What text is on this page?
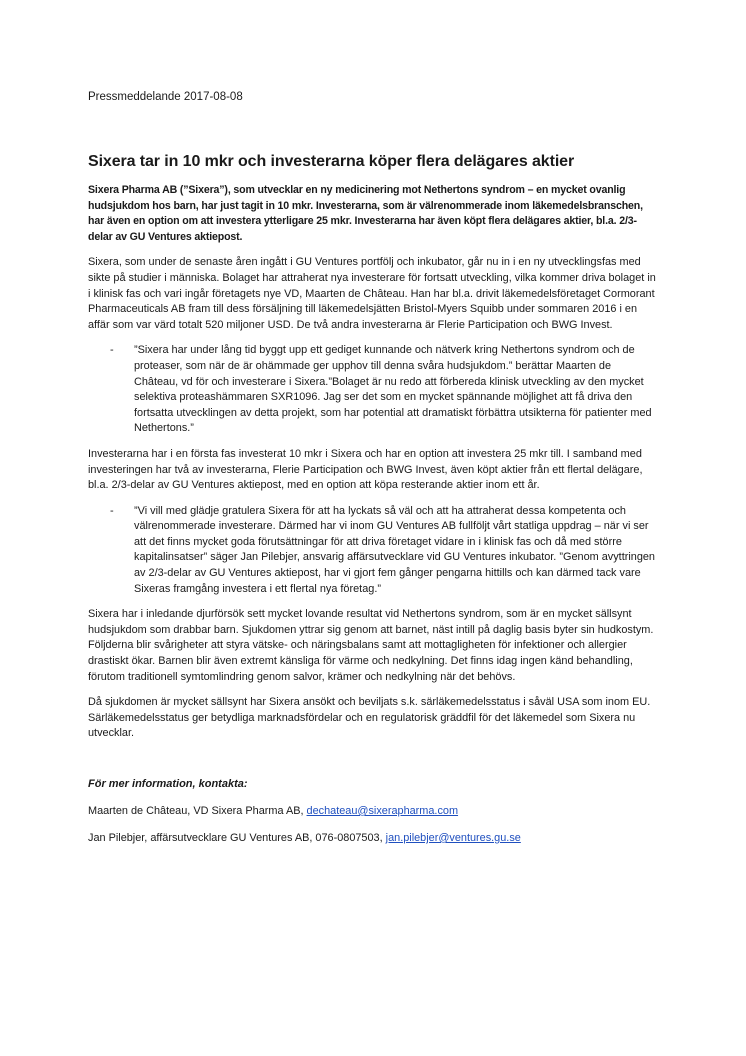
Pressmeddelande 2017-08-08

Sixera tar in 10 mkr och investerarna köper flera delägares aktier

Sixera Pharma AB (”Sixera”), som utvecklar en ny medicinering mot Nethertons syndrom – en mycket ovanlig hudsjukdom hos barn, har just tagit in 10 mkr. Investerarna, som är välrenommerade inom läkemedelsbranschen, har även en option om att investera ytterligare 25 mkr. Investerarna har även köpt flera delägares aktier, bl.a. 2/3-delar av GU Ventures aktiepost.

Sixera, som under de senaste åren ingått i GU Ventures portfölj och inkubator, går nu in i en ny utvecklingsfas med sikte på studier i människa. Bolaget har attraherat nya investerare för fortsatt utveckling, vilka kommer driva bolaget in i klinisk fas och vari ingår företagets nye VD, Maarten de Château. Han har bl.a. drivit läkemedelsföretaget Cormorant Pharmaceuticals AB fram till dess försäljning till läkemedelsjätten Bristol-Myers Squibb under sommaren 2016 i en affär som var värd totalt 520 miljoner USD. De två andra investerarna är Flerie Participation och BWG Invest.

-	”Sixera har under lång tid byggt upp ett gediget kunnande och nätverk kring Nethertons syndrom och de proteaser, som när de är ohämmade ger upphov till denna svåra hudsjukdom.” berättar Maarten de Château, vd för och investerare i Sixera.”Bolaget är nu redo att förbereda klinisk utveckling av den mycket selektiva proteashämmaren SXR1096. Jag ser det som en mycket spännande möjlighet att få driva den fortsatta utvecklingen av detta projekt, som har potential att dramatiskt förbättra utsikterna för patienter med Nethertons.”

Investerarna har i en första fas investerat 10 mkr i Sixera och har en option att investera 25 mkr till. I samband med investeringen har två av investerarna, Flerie Participation och BWG Invest, även köpt aktier från ett flertal delägare, bl.a. 2/3-delar av GU Ventures aktiepost, med en option att köpa resterande aktier inom ett år.

-	”Vi vill med glädje gratulera Sixera för att ha lyckats så väl och att ha attraherat dessa kompetenta och välrenommerade investerare. Därmed har vi inom GU Ventures AB fullföljt vårt statliga uppdrag – när vi ser att det finns mycket goda förutsättningar för att driva företaget vidare in i klinisk fas och då med större kapitalinsatser” säger Jan Pilebjer, ansvarig affärsutvecklare vid GU Ventures inkubator. ”Genom avyttringen av 2/3-delar av GU Ventures aktiepost, har vi gjort fem gånger pengarna hittills och kan därmed tack vare Sixeras framgång investera i ett flertal nya företag.”

Sixera har i inledande djurförsök sett mycket lovande resultat vid Nethertons syndrom, som är en mycket sällsynt hudsjukdom som drabbar barn. Sjukdomen yttrar sig genom att barnet, näst intill på daglig basis byter sin hudkostym. Följderna blir svårigheter att styra vätske- och näringsbalans samt att mottagligheten för infektioner och allergier drastiskt ökar. Barnen blir även extremt känsliga för värme och nedkylning. Det finns idag ingen känd behandling, förutom traditionell symtomlindring genom salvor, krämer och nedkylning när det behövs.

Då sjukdomen är mycket sällsynt har Sixera ansökt och beviljats s.k. särläkemedelsstatus i såväl USA som inom EU. Särläkemedelsstatus ger betydliga marknadsfördelar och en regulatorisk gräddfil för det läkemedel som Sixera nu utvecklar.

För mer information, kontakta:

Maarten de Château, VD Sixera Pharma AB, dechateau@sixerapharma.com

Jan Pilebjer, affärsutvecklare GU Ventures AB, 076-0807503, jan.pilebjer@ventures.gu.se
